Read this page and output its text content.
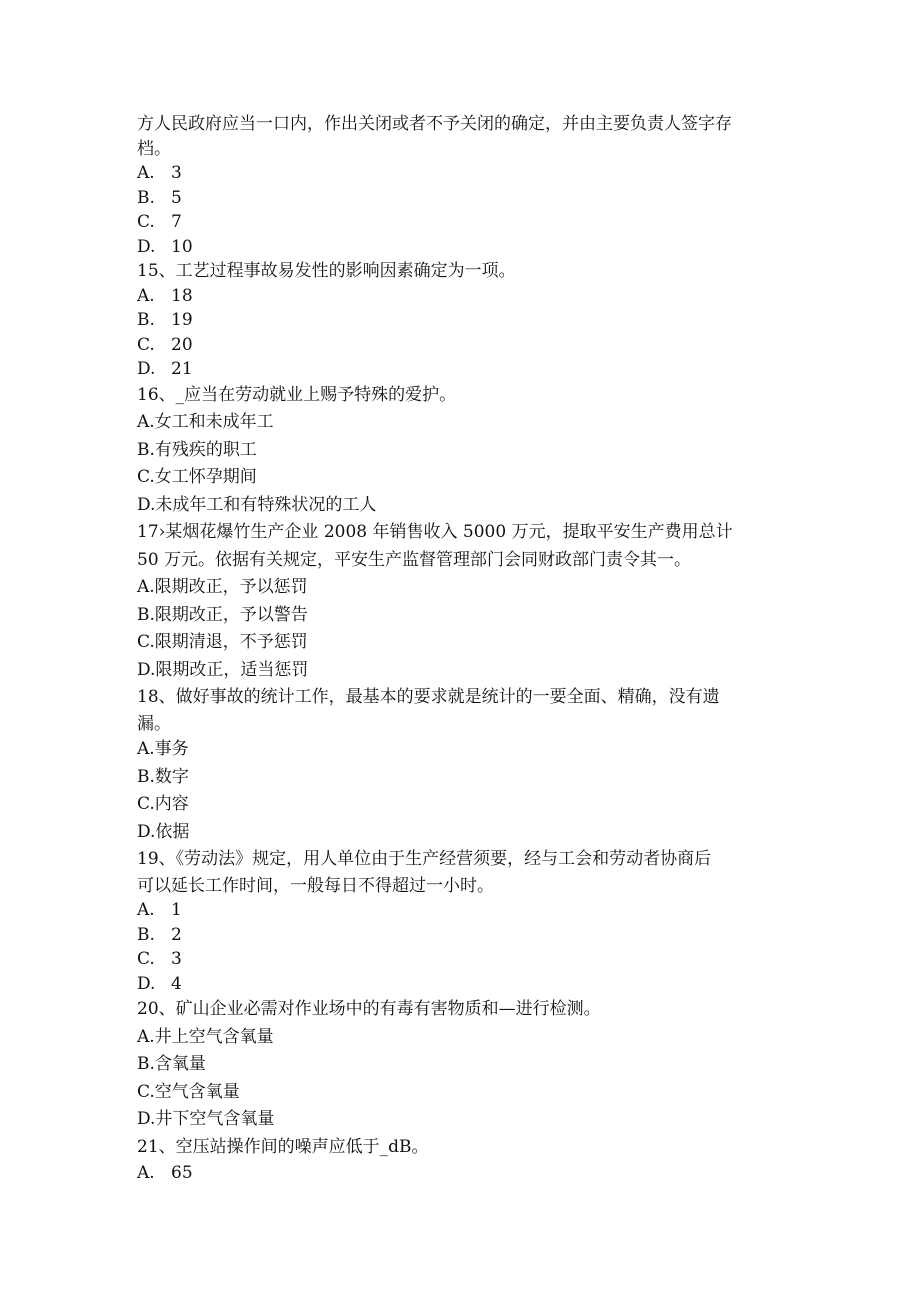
方人民政府应当一口内，作出关闭或者不予关闭的确定，并由主要负责人签字存
档。
A. 3
B. 5
C. 7
D. 10
15、工艺过程事故易发性的影响因素确定为一项。
A. 18
B. 19
C. 20
D. 21
16、_应当在劳动就业上赐予特殊的爱护。
A.女工和未成年工
B.有残疾的职工
C.女工怀孕期间
D.未成年工和有特殊状况的工人
17›某烟花爆竹生产企业 2008 年销售收入 5000 万元，提取平安生产费用总计
50 万元。依据有关规定，平安生产监督管理部门会同财政部门责令其一。
A.限期改正，予以惩罚
B.限期改正，予以警告
C.限期清退，不予惩罚
D.限期改正，适当惩罚
18、做好事故的统计工作，最基本的要求就是统计的一要全面、精确，没有遗
漏。
A.事务
B.数字
C.内容
D.依据
19、《劳动法》规定，用人单位由于生产经营须要，经与工会和劳动者协商后
可以延长工作时间，一般每日不得超过一小时。
A. 1
B. 2
C. 3
D. 4
20、矿山企业必需对作业场中的有毒有害物质和—进行检测。
A.井上空气含氧量
B.含氧量
C.空气含氧量
D.井下空气含氧量
21、空压站操作间的噪声应低于_dB。
A. 65
